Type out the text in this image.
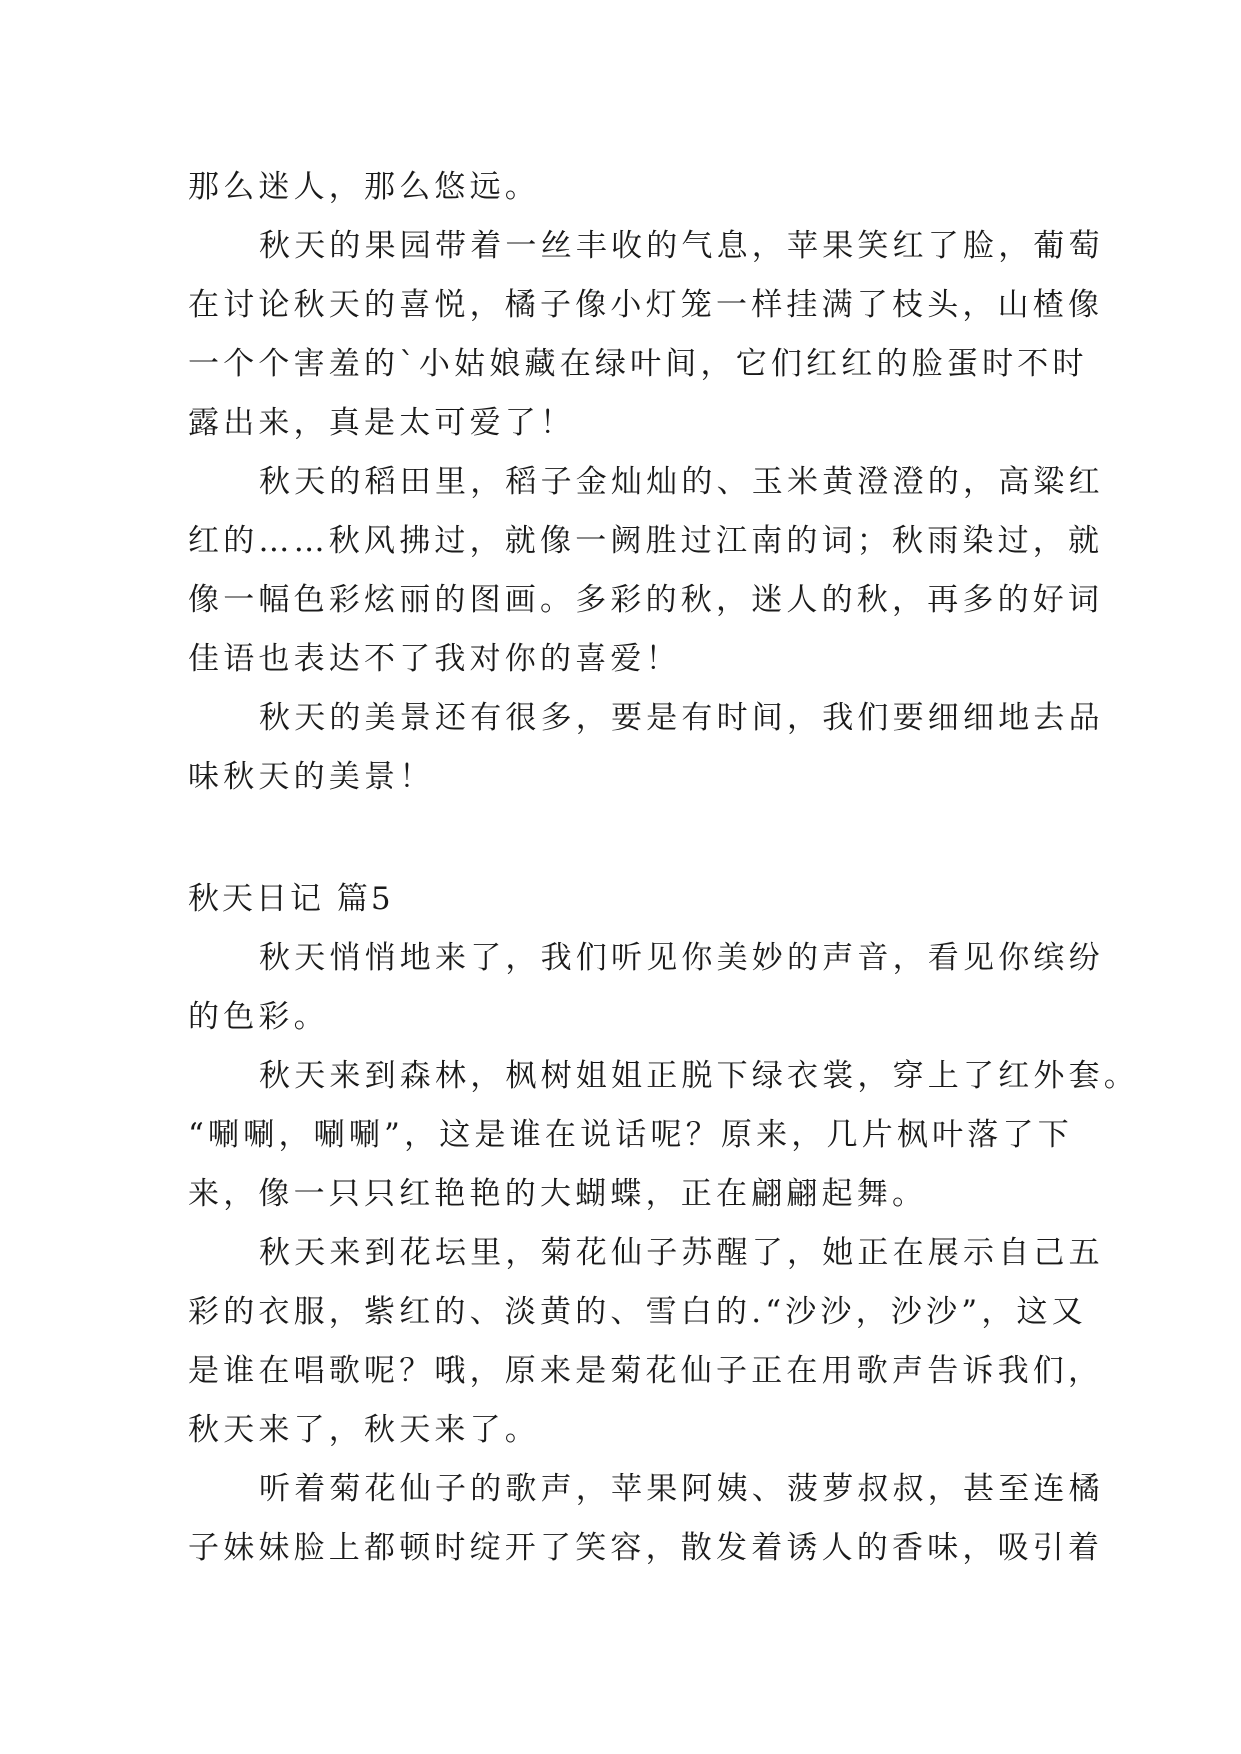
那么迷人，那么悠远。
秋天的果园带着一丝丰收的气息，苹果笑红了脸，葡萄
在讨论秋天的喜悦，橘子像小灯笼一样挂满了枝头，山楂像
一个个害羞的`小姑娘藏在绿叶间，它们红红的脸蛋时不时
露出来，真是太可爱了！
秋天的稻田里，稻子金灿灿的、玉米黄澄澄的，高粱红
红的……秋风拂过，就像一阙胜过江南的词；秋雨染过，就
像一幅色彩炫丽的图画。多彩的秋，迷人的秋，再多的好词
佳语也表达不了我对你的喜爱！
秋天的美景还有很多，要是有时间，我们要细细地去品
味秋天的美景！
秋天日记 篇5
秋天悄悄地来了，我们听见你美妙的声音，看见你缤纷
的色彩。
秋天来到森林，枫树姐姐正脱下绿衣裳，穿上了红外套。
“唰唰，唰唰”，这是谁在说话呢？原来，几片枫叶落了下
来，像一只只红艳艳的大蝴蝶，正在翩翩起舞。
秋天来到花坛里，菊花仙子苏醒了，她正在展示自己五
彩的衣服，紫红的、淡黄的、雪白的.“沙沙，沙沙”，这又
是谁在唱歌呢？哦，原来是菊花仙子正在用歌声告诉我们，
秋天来了，秋天来了。
听着菊花仙子的歌声，苹果阿姨、菠萝叔叔，甚至连橘
子妹妹脸上都顿时绽开了笑容，散发着诱人的香味，吸引着
